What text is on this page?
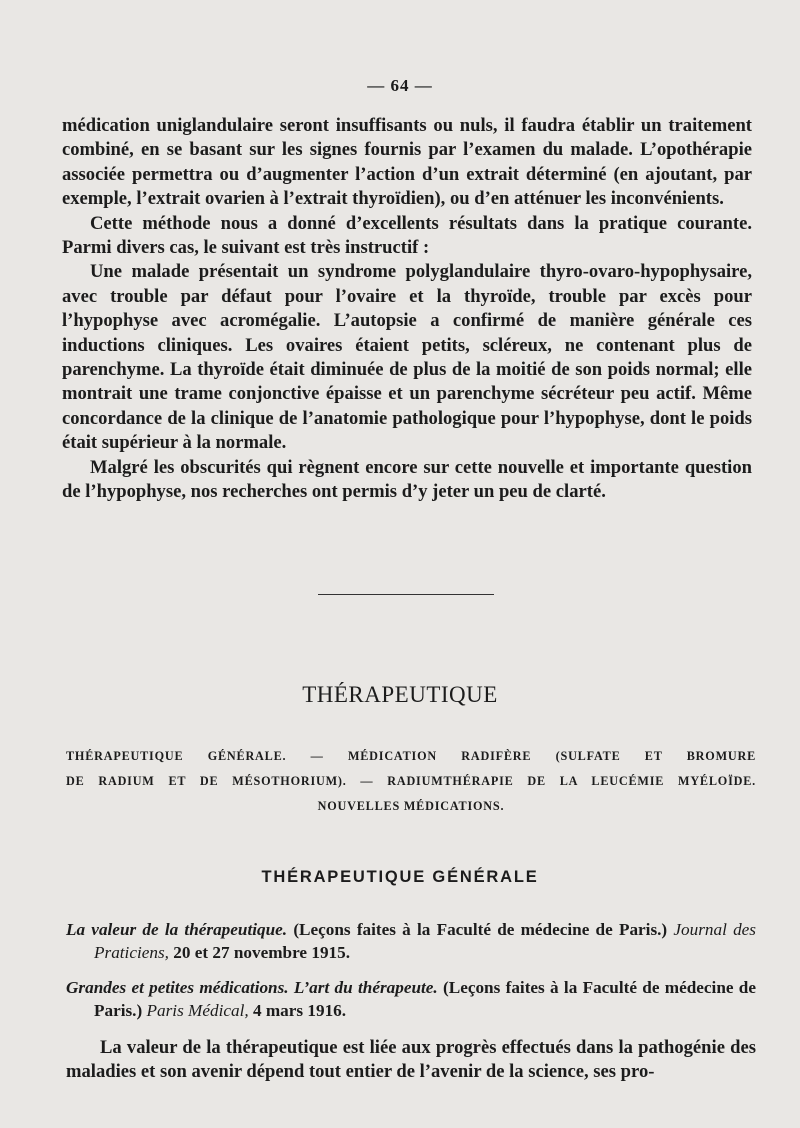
— 64 —

médication uniglandulaire seront insuffisants ou nuls, il faudra établir un traitement combiné, en se basant sur les signes fournis par l’examen du malade. L’opothérapie associée permettra ou d’augmenter l’action d’un extrait déterminé (en ajoutant, par exemple, l’extrait ovarien à l’extrait thyroïdien), ou d’en atténuer les inconvénients.

Cette méthode nous a donné d’excellents résultats dans la pratique courante. Parmi divers cas, le suivant est très instructif :

Une malade présentait un syndrome polyglandulaire thyro-ovaro-hypophysaire, avec trouble par défaut pour l’ovaire et la thyroïde, trouble par excès pour l’hypophyse avec acromégalie. L’autopsie a confirmé de manière générale ces inductions cliniques. Les ovaires étaient petits, scléreux, ne contenant plus de parenchyme. La thyroïde était diminuée de plus de la moitié de son poids normal; elle montrait une trame conjonctive épaisse et un parenchyme sécréteur peu actif. Même concordance de la clinique de l’anatomie pathologique pour l’hypophyse, dont le poids était supérieur à la normale.

Malgré les obscurités qui règnent encore sur cette nouvelle et importante question de l’hypophyse, nos recherches ont permis d’y jeter un peu de clarté.

THÉRAPEUTIQUE
THÉRAPEUTIQUE GÉNÉRALE. — MÉDICATION RADIFÈRE (SULFATE ET BROMURE
DE RADIUM ET DE MÉSOTHORIUM). — RADIUMTHÉRAPIE DE LA LEUCÉMIE MYÉLOÏDE.
NOUVELLES MÉDICATIONS.
THÉRAPEUTIQUE GÉNÉRALE

La valeur de la thérapeutique. (Leçons faites à la Faculté de médecine de Paris.) Journal des Praticiens, 20 et 27 novembre 1915.

Grandes et petites médications. L’art du thérapeute. (Leçons faites à la Faculté de médecine de Paris.) Paris Médical, 4 mars 1916.

La valeur de la thérapeutique est liée aux progrès effectués dans la pathogénie des maladies et son avenir dépend tout entier de l’avenir de la science, ses pro-
